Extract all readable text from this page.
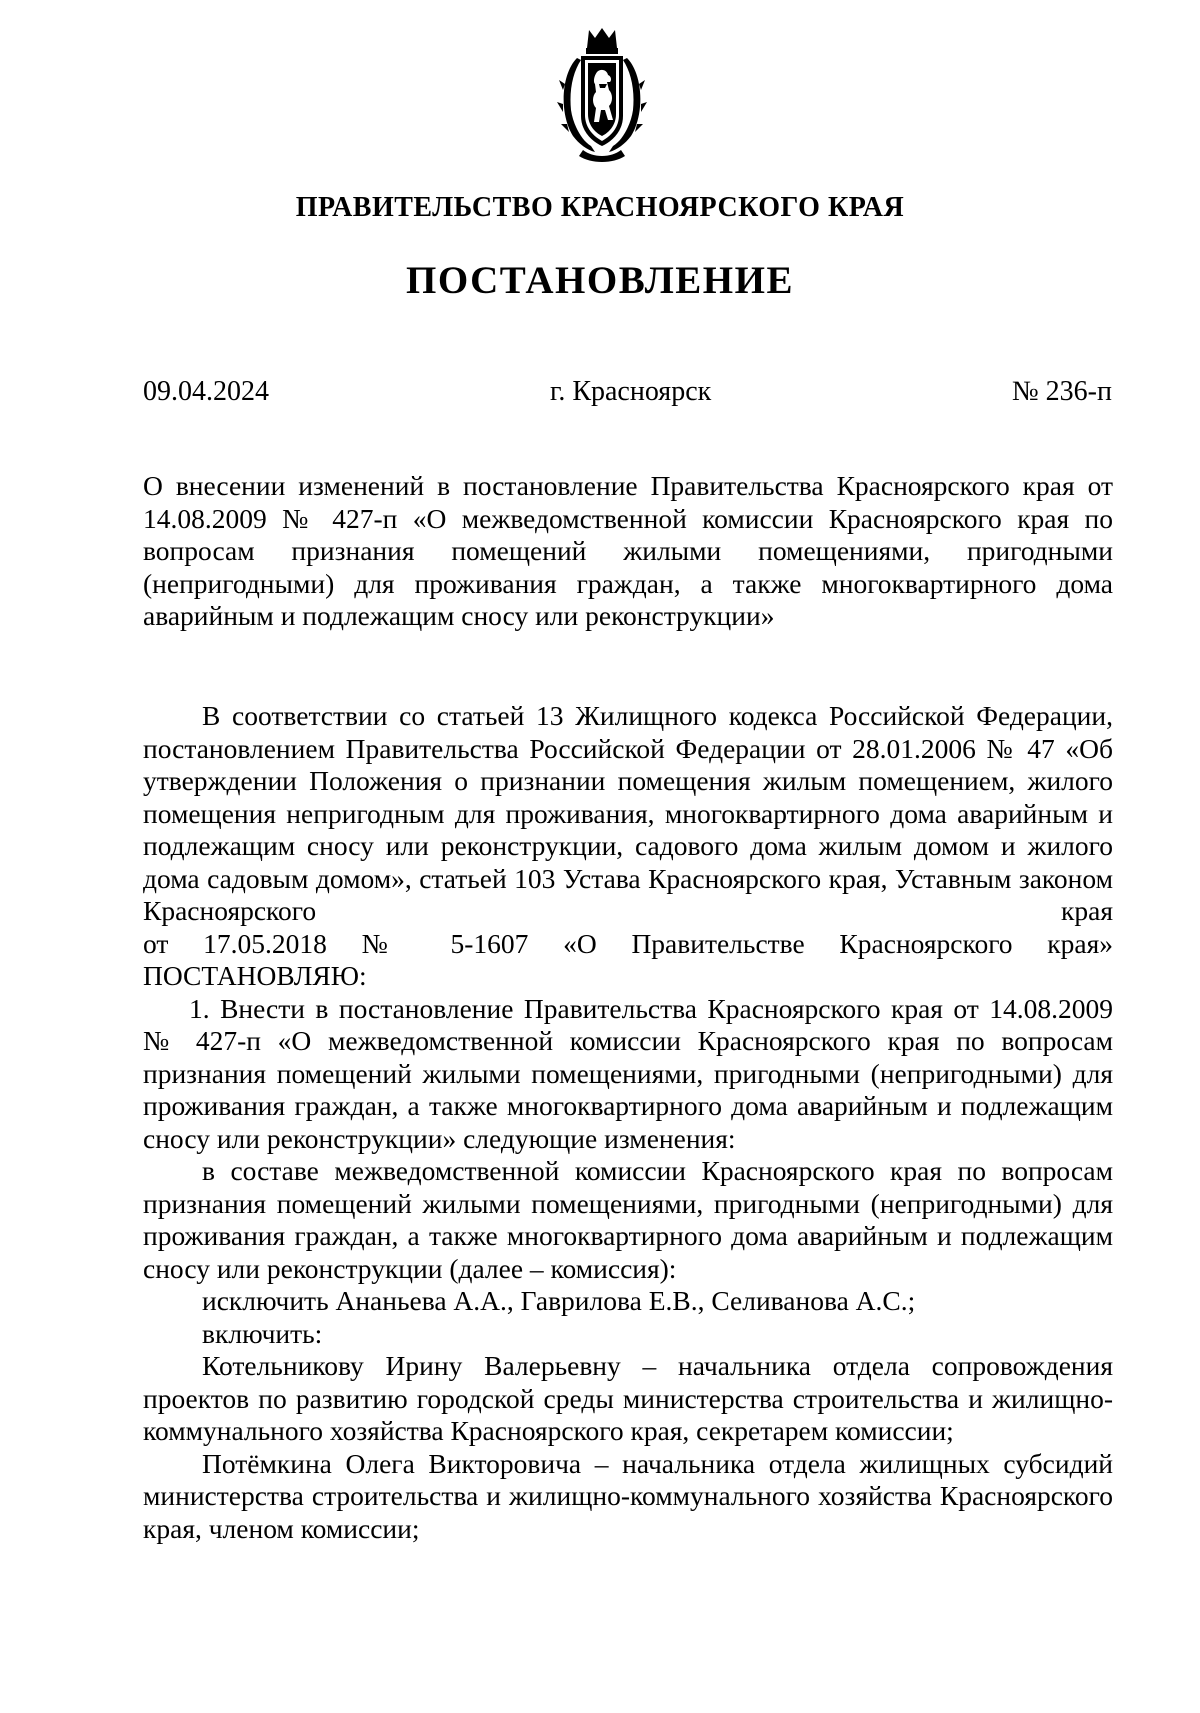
ПРАВИТЕЛЬСТВО КРАСНОЯРСКОГО КРАЯ
ПОСТАНОВЛЕНИЕ
09.04.2024	г. Красноярск	№ 236-п

О внесении изменений в постановление Правительства Красноярского края от 14.08.2009 № 427-п «О межведомственной комиссии Красноярского края по вопросам признания помещений жилыми помещениями, пригодными (непригодными) для проживания граждан, а также многоквартирного дома аварийным и подлежащим сносу или реконструкции»

В соответствии со статьей 13 Жилищного кодекса Российской Федерации, постановлением Правительства Российской Федерации от 28.01.2006 № 47 «Об утверждении Положения о признании помещения жилым помещением, жилого помещения непригодным для проживания, многоквартирного дома аварийным и подлежащим сносу или реконструкции, садового дома жилым домом и жилого дома садовым домом», статьей 103 Устава Красноярского края, Уставным законом Красноярского края

от 17.05.2018 № 5-1607 «О Правительстве Красноярского края»

ПОСТАНОВЛЯЮ:

1. Внести в постановление Правительства Красноярского края от 14.08.2009 № 427-п «О межведомственной комиссии Красноярского края по вопросам признания помещений жилыми помещениями, пригодными (непригодными) для проживания граждан, а также многоквартирного дома аварийным и подлежащим сносу или реконструкции» следующие изменения:

в составе межведомственной комиссии Красноярского края по вопросам признания помещений жилыми помещениями, пригодными (непригодными) для проживания граждан, а также многоквартирного дома аварийным и подлежащим сносу или реконструкции (далее – комиссия):

исключить Ананьева А.А., Гаврилова Е.В., Селиванова А.С.;

включить:

Котельникову Ирину Валерьевну – начальника отдела сопровождения проектов по развитию городской среды министерства строительства и жилищно-коммунального хозяйства Красноярского края, секретарем комиссии;

Потёмкина Олега Викторовича – начальника отдела жилищных субсидий министерства строительства и жилищно-коммунального хозяйства Красноярского края, членом комиссии;
